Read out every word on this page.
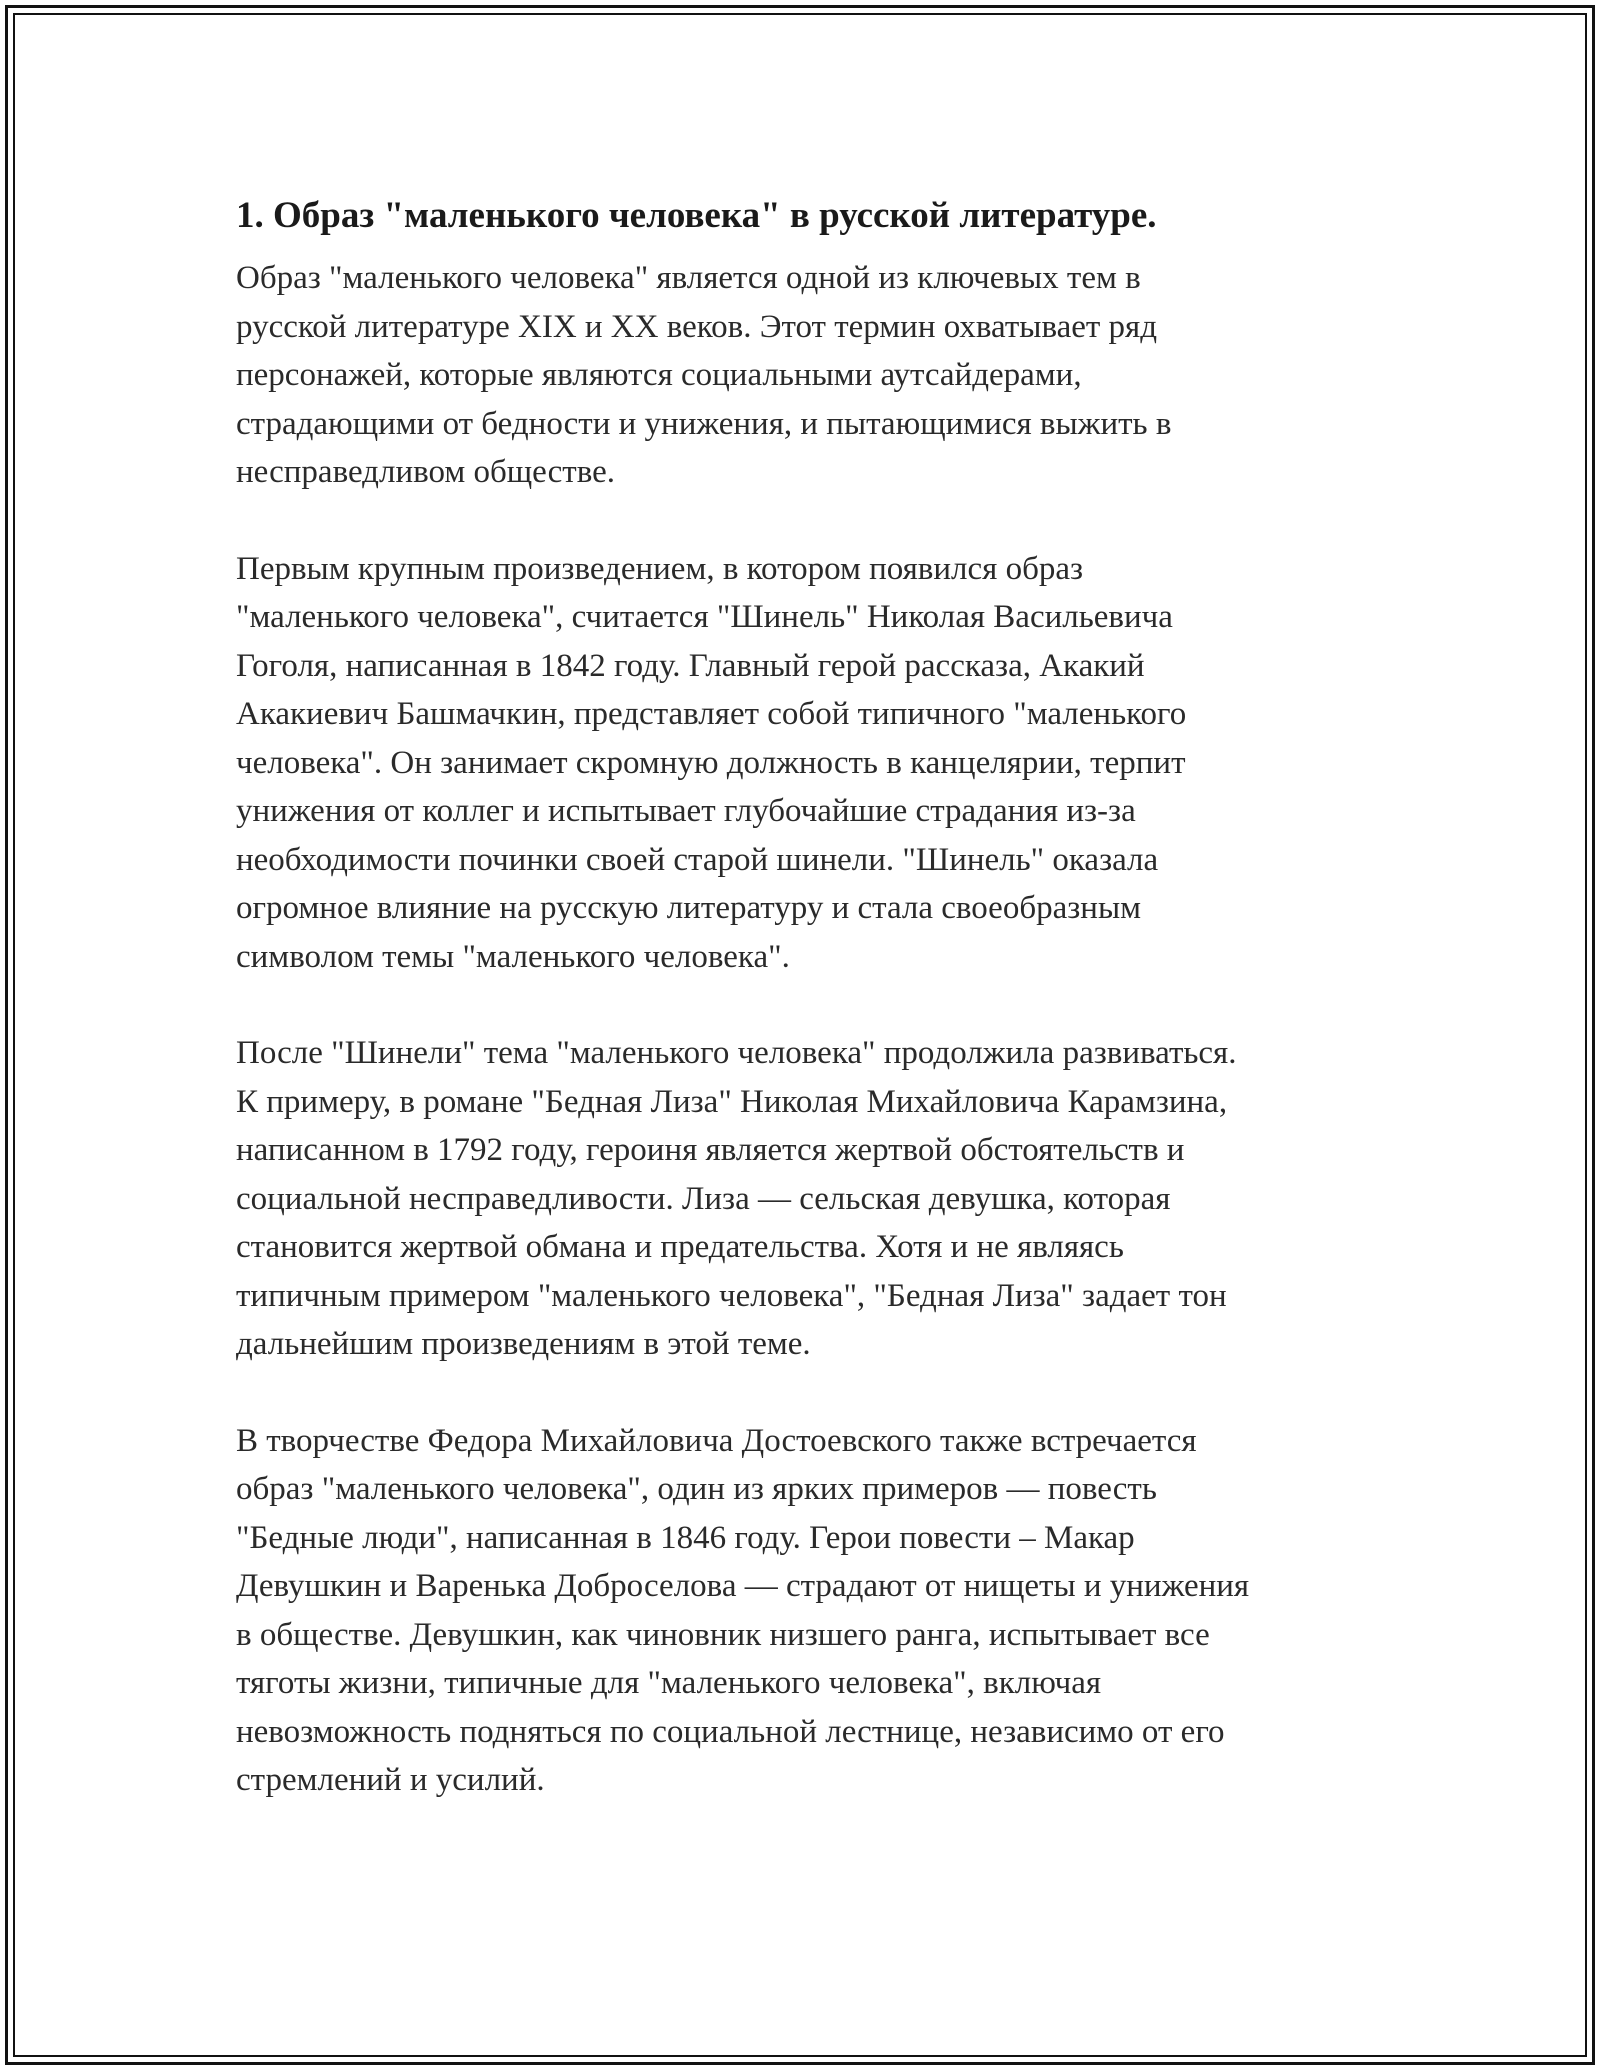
1. Образ "маленького человека" в русской литературе.

Образ "маленького человека" является одной из ключевых тем в
русской литературе XIX и XX веков. Этот термин охватывает ряд
персонажей, которые являются социальными аутсайдерами,
страдающими от бедности и унижения, и пытающимися выжить в
несправедливом обществе.

Первым крупным произведением, в котором появился образ
"маленького человека", считается "Шинель" Николая Васильевича
Гоголя, написанная в 1842 году. Главный герой рассказа, Акакий
Акакиевич Башмачкин, представляет собой типичного "маленького
человека". Он занимает скромную должность в канцелярии, терпит
унижения от коллег и испытывает глубочайшие страдания из-за
необходимости починки своей старой шинели. "Шинель" оказала
огромное влияние на русскую литературу и стала своеобразным
символом темы "маленького человека".

После "Шинели" тема "маленького человека" продолжила развиваться.
К примеру, в романе "Бедная Лиза" Николая Михайловича Карамзина,
написанном в 1792 году, героиня является жертвой обстоятельств и
социальной несправедливости. Лиза — сельская девушка, которая
становится жертвой обмана и предательства. Хотя и не являясь
типичным примером "маленького человека", "Бедная Лиза" задает тон
дальнейшим произведениям в этой теме.

В творчестве Федора Михайловича Достоевского также встречается
образ "маленького человека", один из ярких примеров — повесть
"Бедные люди", написанная в 1846 году. Герои повести – Макар
Девушкин и Варенька Доброселова — страдают от нищеты и унижения
в обществе. Девушкин, как чиновник низшего ранга, испытывает все
тяготы жизни, типичные для "маленького человека", включая
невозможность подняться по социальной лестнице, независимо от его
стремлений и усилий.
